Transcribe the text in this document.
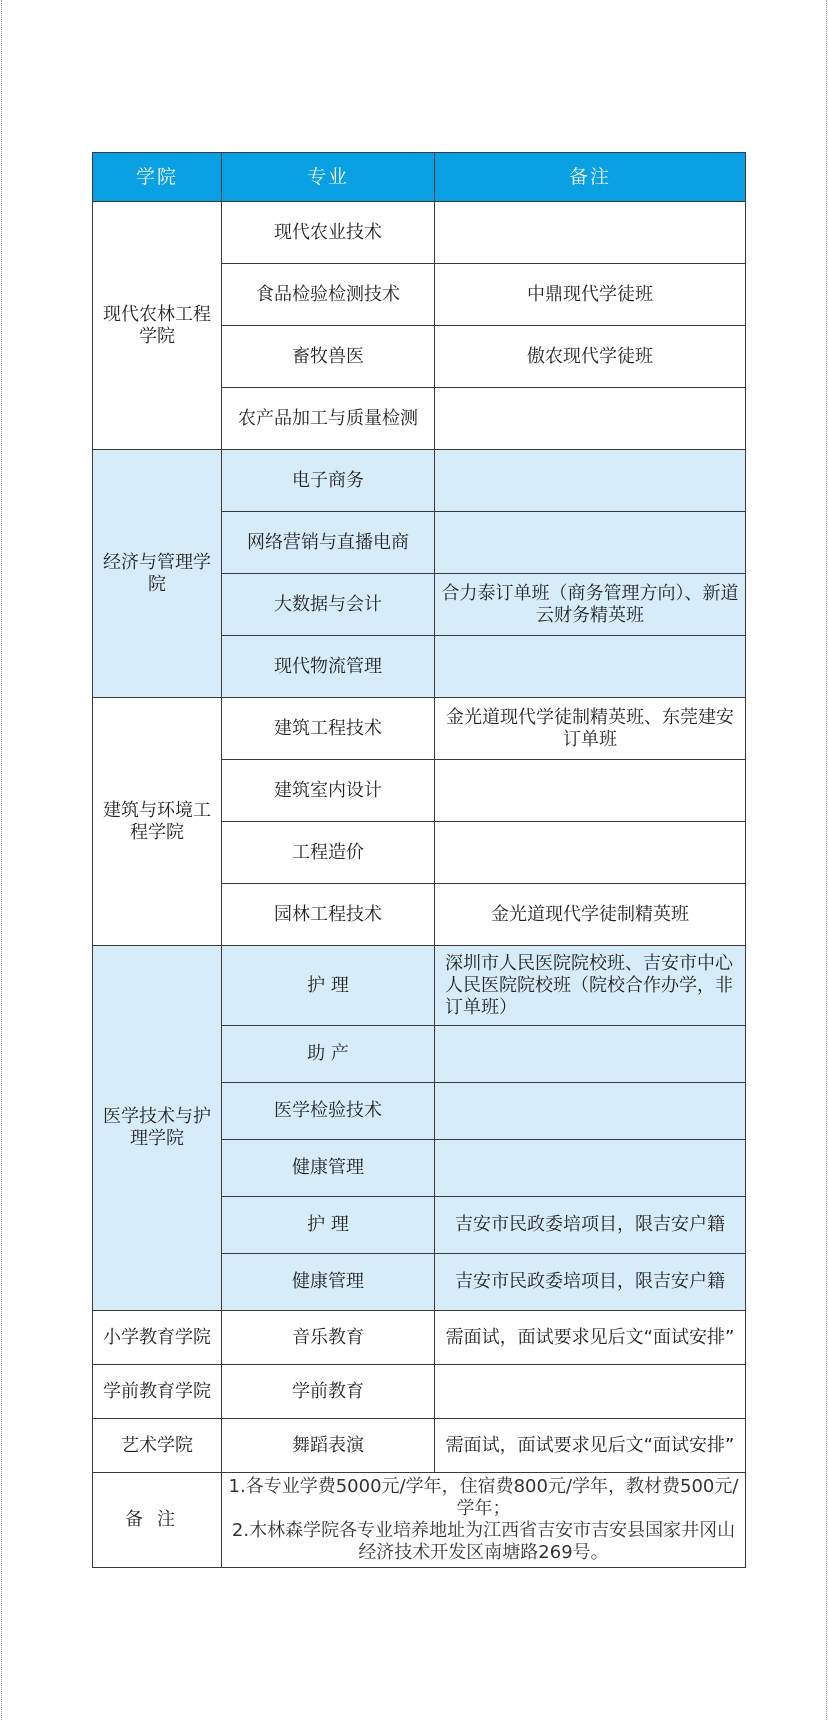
学院	专业	备注
现代农林工程学院	现代农业技术	
	食品检验检测技术	中鼎现代学徒班
	畜牧兽医	傲农现代学徒班
	农产品加工与质量检测	
经济与管理学院	电子商务	
	网络营销与直播电商	
	大数据与会计	合力泰订单班（商务管理方向）、新道云财务精英班
	现代物流管理	
建筑与环境工程学院	建筑工程技术	金光道现代学徒制精英班、东莞建安订单班
	建筑室内设计	
	工程造价	
	园林工程技术	金光道现代学徒制精英班
医学技术与护理学院	护 理	深圳市人民医院院校班、吉安市中心人民医院院校班（院校合作办学，非订单班）
	助 产	
	医学检验技术	
	健康管理	
	护 理	吉安市民政委培项目，限吉安户籍
	健康管理	吉安市民政委培项目，限吉安户籍
小学教育学院	音乐教育	需面试，面试要求见后文“面试安排”
学前教育学院	学前教育	
艺术学院	舞蹈表演	需面试，面试要求见后文“面试安排”
备注	1.各专业学费5000元/学年，住宿费800元/学年，教材费500元/学年；
2.木林森学院各专业培养地址为江西省吉安市吉安县国家井冈山经济技术开发区南塘路269号。	
